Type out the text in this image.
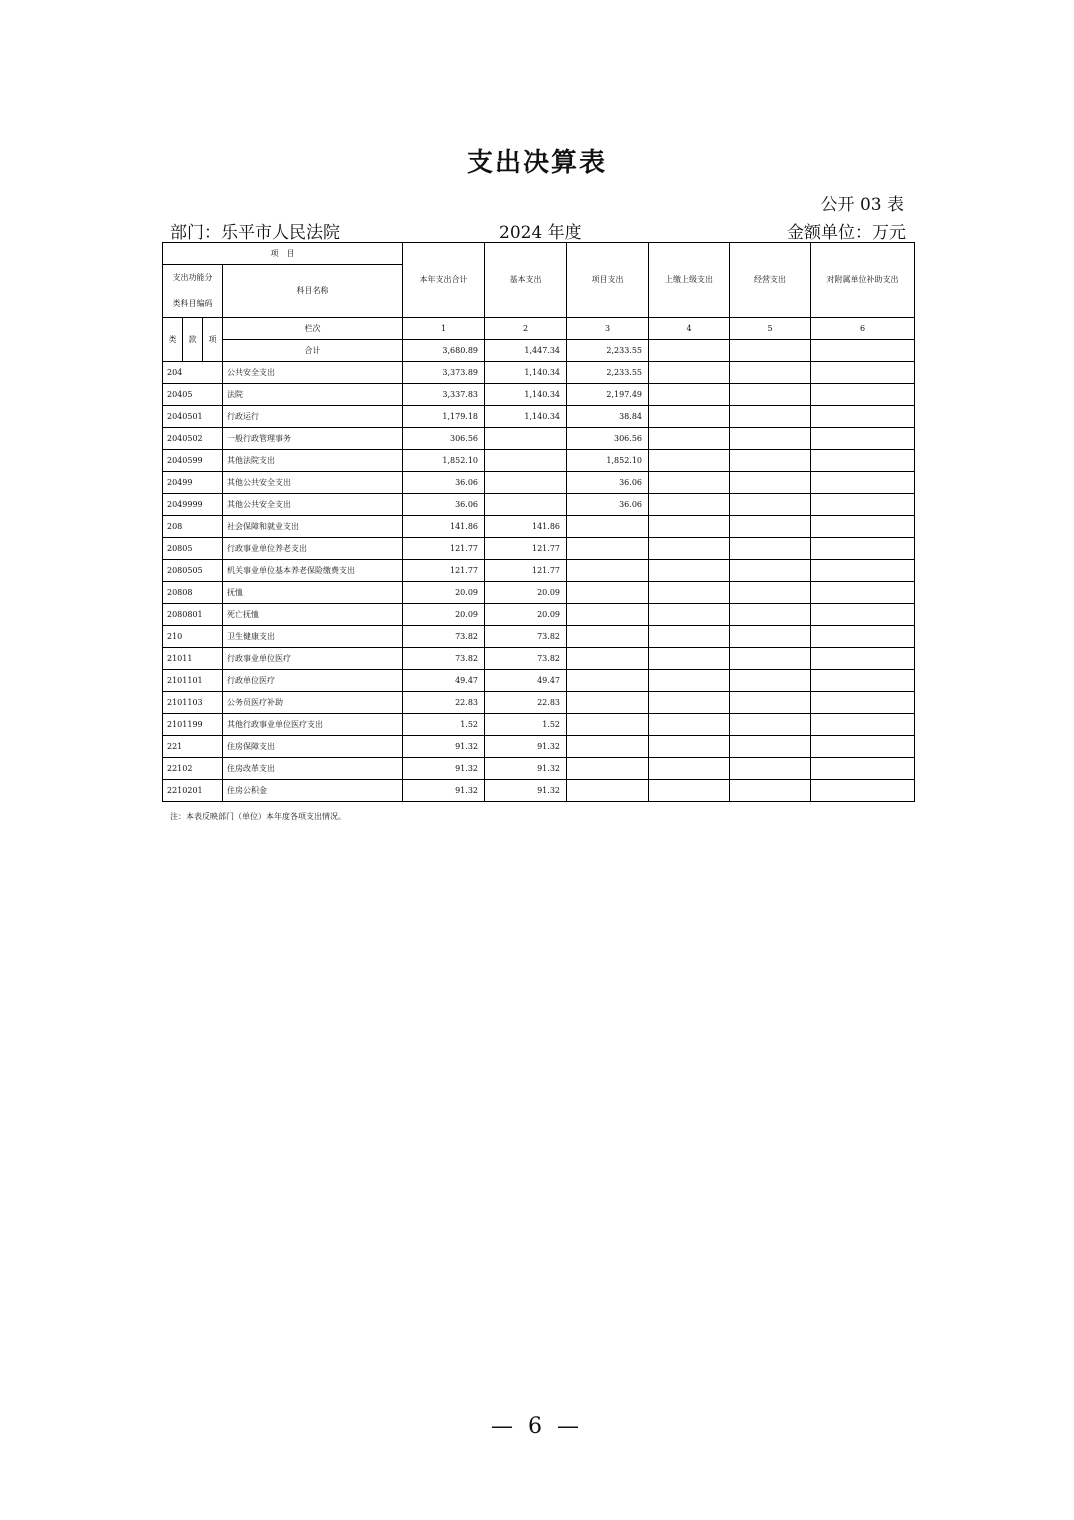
支出决算表
公开 03 表
部门：乐平市人民法院	2024 年度	金额单位：万元
项　目				本年支出合计	基本支出	项目支出	上缴上级支出	经营支出	对附属单位补助支出
支出功能分类科目编码			科目名称						
类	款	项	栏次	1	2	3	4	5	6
			合计	3,680.89	1,447.34	2,233.55			
204			公共安全支出	3,373.89	1,140.34	2,233.55			
20405			法院	3,337.83	1,140.34	2,197.49			
2040501			行政运行	1,179.18	1,140.34	38.84			
2040502			一般行政管理事务	306.56		306.56			
2040599			其他法院支出	1,852.10		1,852.10			
20499			其他公共安全支出	36.06		36.06			
2049999			其他公共安全支出	36.06		36.06			
208			社会保障和就业支出	141.86	141.86				
20805			行政事业单位养老支出	121.77	121.77				
2080505			机关事业单位基本养老保险缴费支出	121.77	121.77				
20808			抚恤	20.09	20.09				
2080801			死亡抚恤	20.09	20.09				
210			卫生健康支出	73.82	73.82				
21011			行政事业单位医疗	73.82	73.82				
2101101			行政单位医疗	49.47	49.47				
2101103			公务员医疗补助	22.83	22.83				
2101199			其他行政事业单位医疗支出	1.52	1.52				
221			住房保障支出	91.32	91.32				
22102			住房改革支出	91.32	91.32				
2210201			住房公积金	91.32	91.32				
注：本表反映部门（单位）本年度各项支出情况。
— 6 —
